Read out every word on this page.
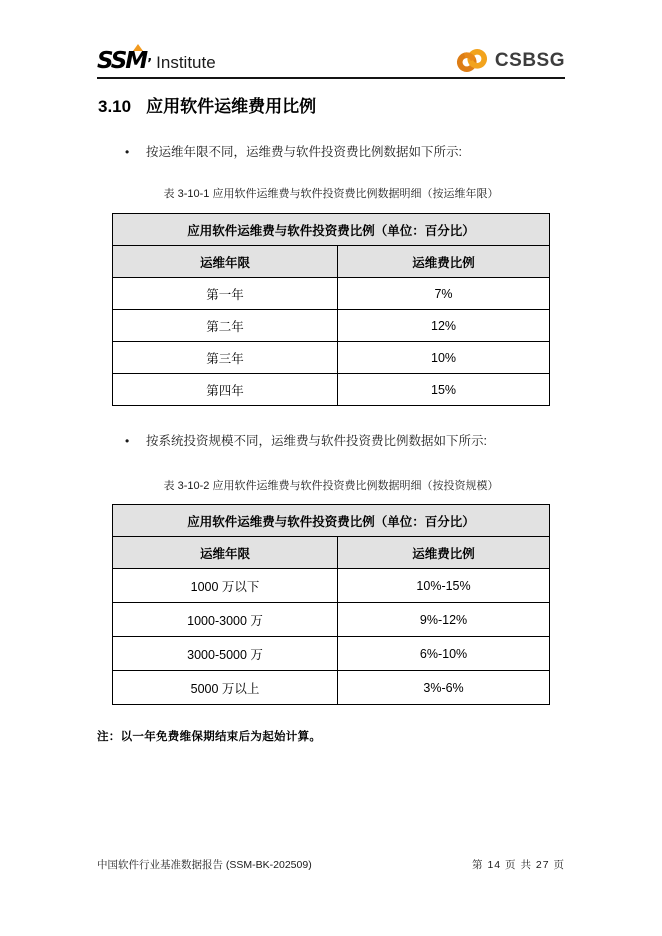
SSM
’ Institute	CSBSG
3.10 应用软件运维费用比例
•	按运维年限不同，运维费与软件投资费比例数据如下所示:
表 3-10-1 应用软件运维费与软件投资费比例数据明细（按运维年限）
应用软件运维费与软件投资费比例（单位：百分比）	
运维年限	运维费比例
第一年	7%
第二年	12%
第三年	10%
第四年	15%
•	按系统投资规模不同，运维费与软件投资费比例数据如下所示:
表 3-10-2 应用软件运维费与软件投资费比例数据明细（按投资规模）
应用软件运维费与软件投资费比例（单位：百分比）	
运维年限	运维费比例
1000 万以下	10%-15%
1000-3000 万	9%-12%
3000-5000 万	6%-10%
5000 万以上	3%-6%
注：以一年免费维保期结束后为起始计算。
中国软件行业基准数据报告 (SSM-BK-202509)	第 14 页 共 27 页
